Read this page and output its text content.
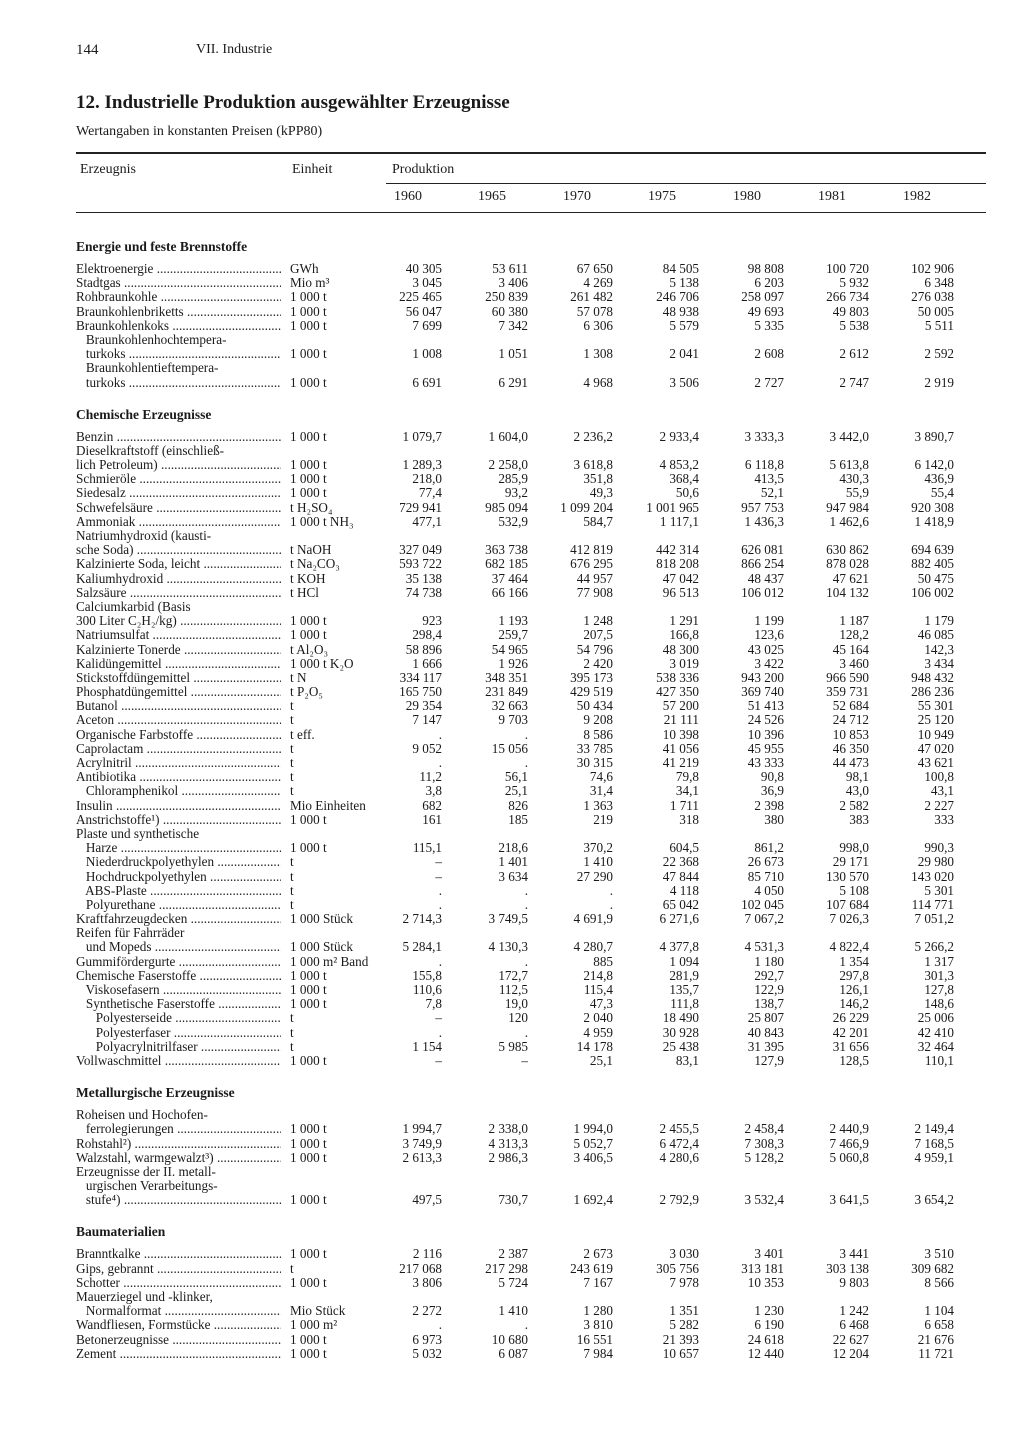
144	VII. Industrie
12. Industrielle Produktion ausgewählter Erzeugnisse
Wertangaben in konstanten Preisen (kPP80)
Erzeugnis	Einheit	Produktion
1960	1965	1970	1975	1980	1981	1982
Energie und feste Brennstoffe
Elektroenergie .....	GWh	40 305	53 611	67 650	84 505	98 808	100 720	102 906
Stadtgas .....	Mio m³	3 045	3 406	4 269	5 138	6 203	5 932	6 348
Rohbraunkohle .....	1 000 t	225 465	250 839	261 482	246 706	258 097	266 734	276 038
Braunkohlenbriketts .....	1 000 t	56 047	60 380	57 078	48 938	49 693	49 803	50 005
Braunkohlenkoks .....	1 000 t	7 699	7 342	6 306	5 579	5 335	5 538	5 511
Braunkohlenhochtempera-
turkoks .....	1 000 t	1 008	1 051	1 308	2 041	2 608	2 612	2 592
Braunkohlentieftempera-
turkoks .....	1 000 t	6 691	6 291	4 968	3 506	2 727	2 747	2 919
Chemische Erzeugnisse
Benzin .....	1 000 t	1 079,7	1 604,0	2 236,2	2 933,4	3 333,3	3 442,0	3 890,7
Dieselkraftstoff (einschließ-
lich Petroleum) .....	1 000 t	1 289,3	2 258,0	3 618,8	4 853,2	6 118,8	5 613,8	6 142,0
Schmieröle .....	1 000 t	218,0	285,9	351,8	368,4	413,5	430,3	436,9
Siedesalz .....	1 000 t	77,4	93,2	49,3	50,6	52,1	55,9	55,4
Schwefelsäure .....	t H₂SO₄	729 941	985 094	1 099 204	1 001 965	957 753	947 984	920 308
Ammoniak .....	1 000 t NH₃	477,1	532,9	584,7	1 117,1	1 436,3	1 462,6	1 418,9
Natriumhydroxid (kausti-
sche Soda) .....	t NaOH	327 049	363 738	412 819	442 314	626 081	630 862	694 639
Kalzinierte Soda, leicht .....	t Na₂CO₃	593 722	682 185	676 295	818 208	866 254	878 028	882 405
Kaliumhydroxid .....	t KOH	35 138	37 464	44 957	47 042	48 437	47 621	50 475
Salzsäure .....	t HCl	74 738	66 166	77 908	96 513	106 012	104 132	106 002
Calciumkarbid (Basis
300 Liter C₂H₂/kg) .....	1 000 t	923	1 193	1 248	1 291	1 199	1 187	1 179
Natriumsulfat .....	1 000 t	298,4	259,7	207,5	166,8	123,6	128,2	46 085
Kalzinierte Tonerde .....	t Al₂O₃	58 896	54 965	54 796	48 300	43 025	45 164	142,3
Kalidüngemittel .....	1 000 t K₂O	1 666	1 926	2 420	3 019	3 422	3 460	3 434
Stickstoffdüngemittel .....	t N	334 117	348 351	395 173	538 336	943 200	966 590	948 432
Phosphatdüngemittel .....	t P₂O₅	165 750	231 849	429 519	427 350	369 740	359 731	286 236
Butanol .....	t	29 354	32 663	50 434	57 200	51 413	52 684	55 301
Aceton .....	t	7 147	9 703	9 208	21 111	24 526	24 712	25 120
Organische Farbstoffe .....	t eff.	.	.	8 586	10 398	10 396	10 853	10 949
Caprolactam .....	t	9 052	15 056	33 785	41 056	45 955	46 350	47 020
Acrylnitril .....	t	.	.	30 315	41 219	43 333	44 473	43 621
Antibiotika .....	t	11,2	56,1	74,6	79,8	90,8	98,1	100,8
Chloramphenikol .....	t	3,8	25,1	31,4	34,1	36,9	43,0	43,1
Insulin .....	Mio Einheiten	682	826	1 363	1 711	2 398	2 582	2 227
Anstrichstoffe¹) .....	1 000 t	161	185	219	318	380	383	333
Plaste und synthetische
Harze .....	1 000 t	115,1	218,6	370,2	604,5	861,2	998,0	990,3
Niederdruckpolyethylen .....	t	–	1 401	1 410	22 368	26 673	29 171	29 980
Hochdruckpolyethylen .....	t	–	3 634	27 290	47 844	85 710	130 570	143 020
ABS-Plaste .....	t	.	.	.	4 118	4 050	5 108	5 301
Polyurethane .....	t	.	.	.	65 042	102 045	107 684	114 771
Kraftfahrzeugdecken .....	1 000 Stück	2 714,3	3 749,5	4 691,9	6 271,6	7 067,2	7 026,3	7 051,2
Reifen für Fahrräder
und Mopeds .....	1 000 Stück	5 284,1	4 130,3	4 280,7	4 377,8	4 531,3	4 822,4	5 266,2
Gummifördergurte .....	1 000 m² Band	.	.	885	1 094	1 180	1 354	1 317
Chemische Faserstoffe .....	1 000 t	155,8	172,7	214,8	281,9	292,7	297,8	301,3
Viskosefasern .....	1 000 t	110,6	112,5	115,4	135,7	122,9	126,1	127,8
Synthetische Faserstoffe .....	1 000 t	7,8	19,0	47,3	111,8	138,7	146,2	148,6
Polyesterseide .....	t	–	120	2 040	18 490	25 807	26 229	25 006
Polyesterfaser .....	t	.	.	4 959	30 928	40 843	42 201	42 410
Polyacrylnitrilfaser .....	t	1 154	5 985	14 178	25 438	31 395	31 656	32 464
Vollwaschmittel .....	1 000 t	–	–	25,1	83,1	127,9	128,5	110,1
Metallurgische Erzeugnisse
Roheisen und Hochofen-
ferrolegierungen .....	1 000 t	1 994,7	2 338,0	1 994,0	2 455,5	2 458,4	2 440,9	2 149,4
Rohstahl²) .....	1 000 t	3 749,9	4 313,3	5 052,7	6 472,4	7 308,3	7 466,9	7 168,5
Walzstahl, warmgewalzt³) .....	1 000 t	2 613,3	2 986,3	3 406,5	4 280,6	5 128,2	5 060,8	4 959,1
Erzeugnisse der II. metall-
urgischen Verarbeitungs-
stufe⁴) .....	1 000 t	497,5	730,7	1 692,4	2 792,9	3 532,4	3 641,5	3 654,2
Baumaterialien
Branntkalke .....	1 000 t	2 116	2 387	2 673	3 030	3 401	3 441	3 510
Gips, gebrannt .....	t	217 068	217 298	243 619	305 756	313 181	303 138	309 682
Schotter .....	1 000 t	3 806	5 724	7 167	7 978	10 353	9 803	8 566
Mauerziegel und -klinker,
Normalformat .....	Mio Stück	2 272	1 410	1 280	1 351	1 230	1 242	1 104
Wandfliesen, Formstücke .....	1 000 m²	.	.	3 810	5 282	6 190	6 468	6 658
Betonerzeugnisse .....	1 000 t	6 973	10 680	16 551	21 393	24 618	22 627	21 676
Zement .....	1 000 t	5 032	6 087	7 984	10 657	12 440	12 204	11 721
